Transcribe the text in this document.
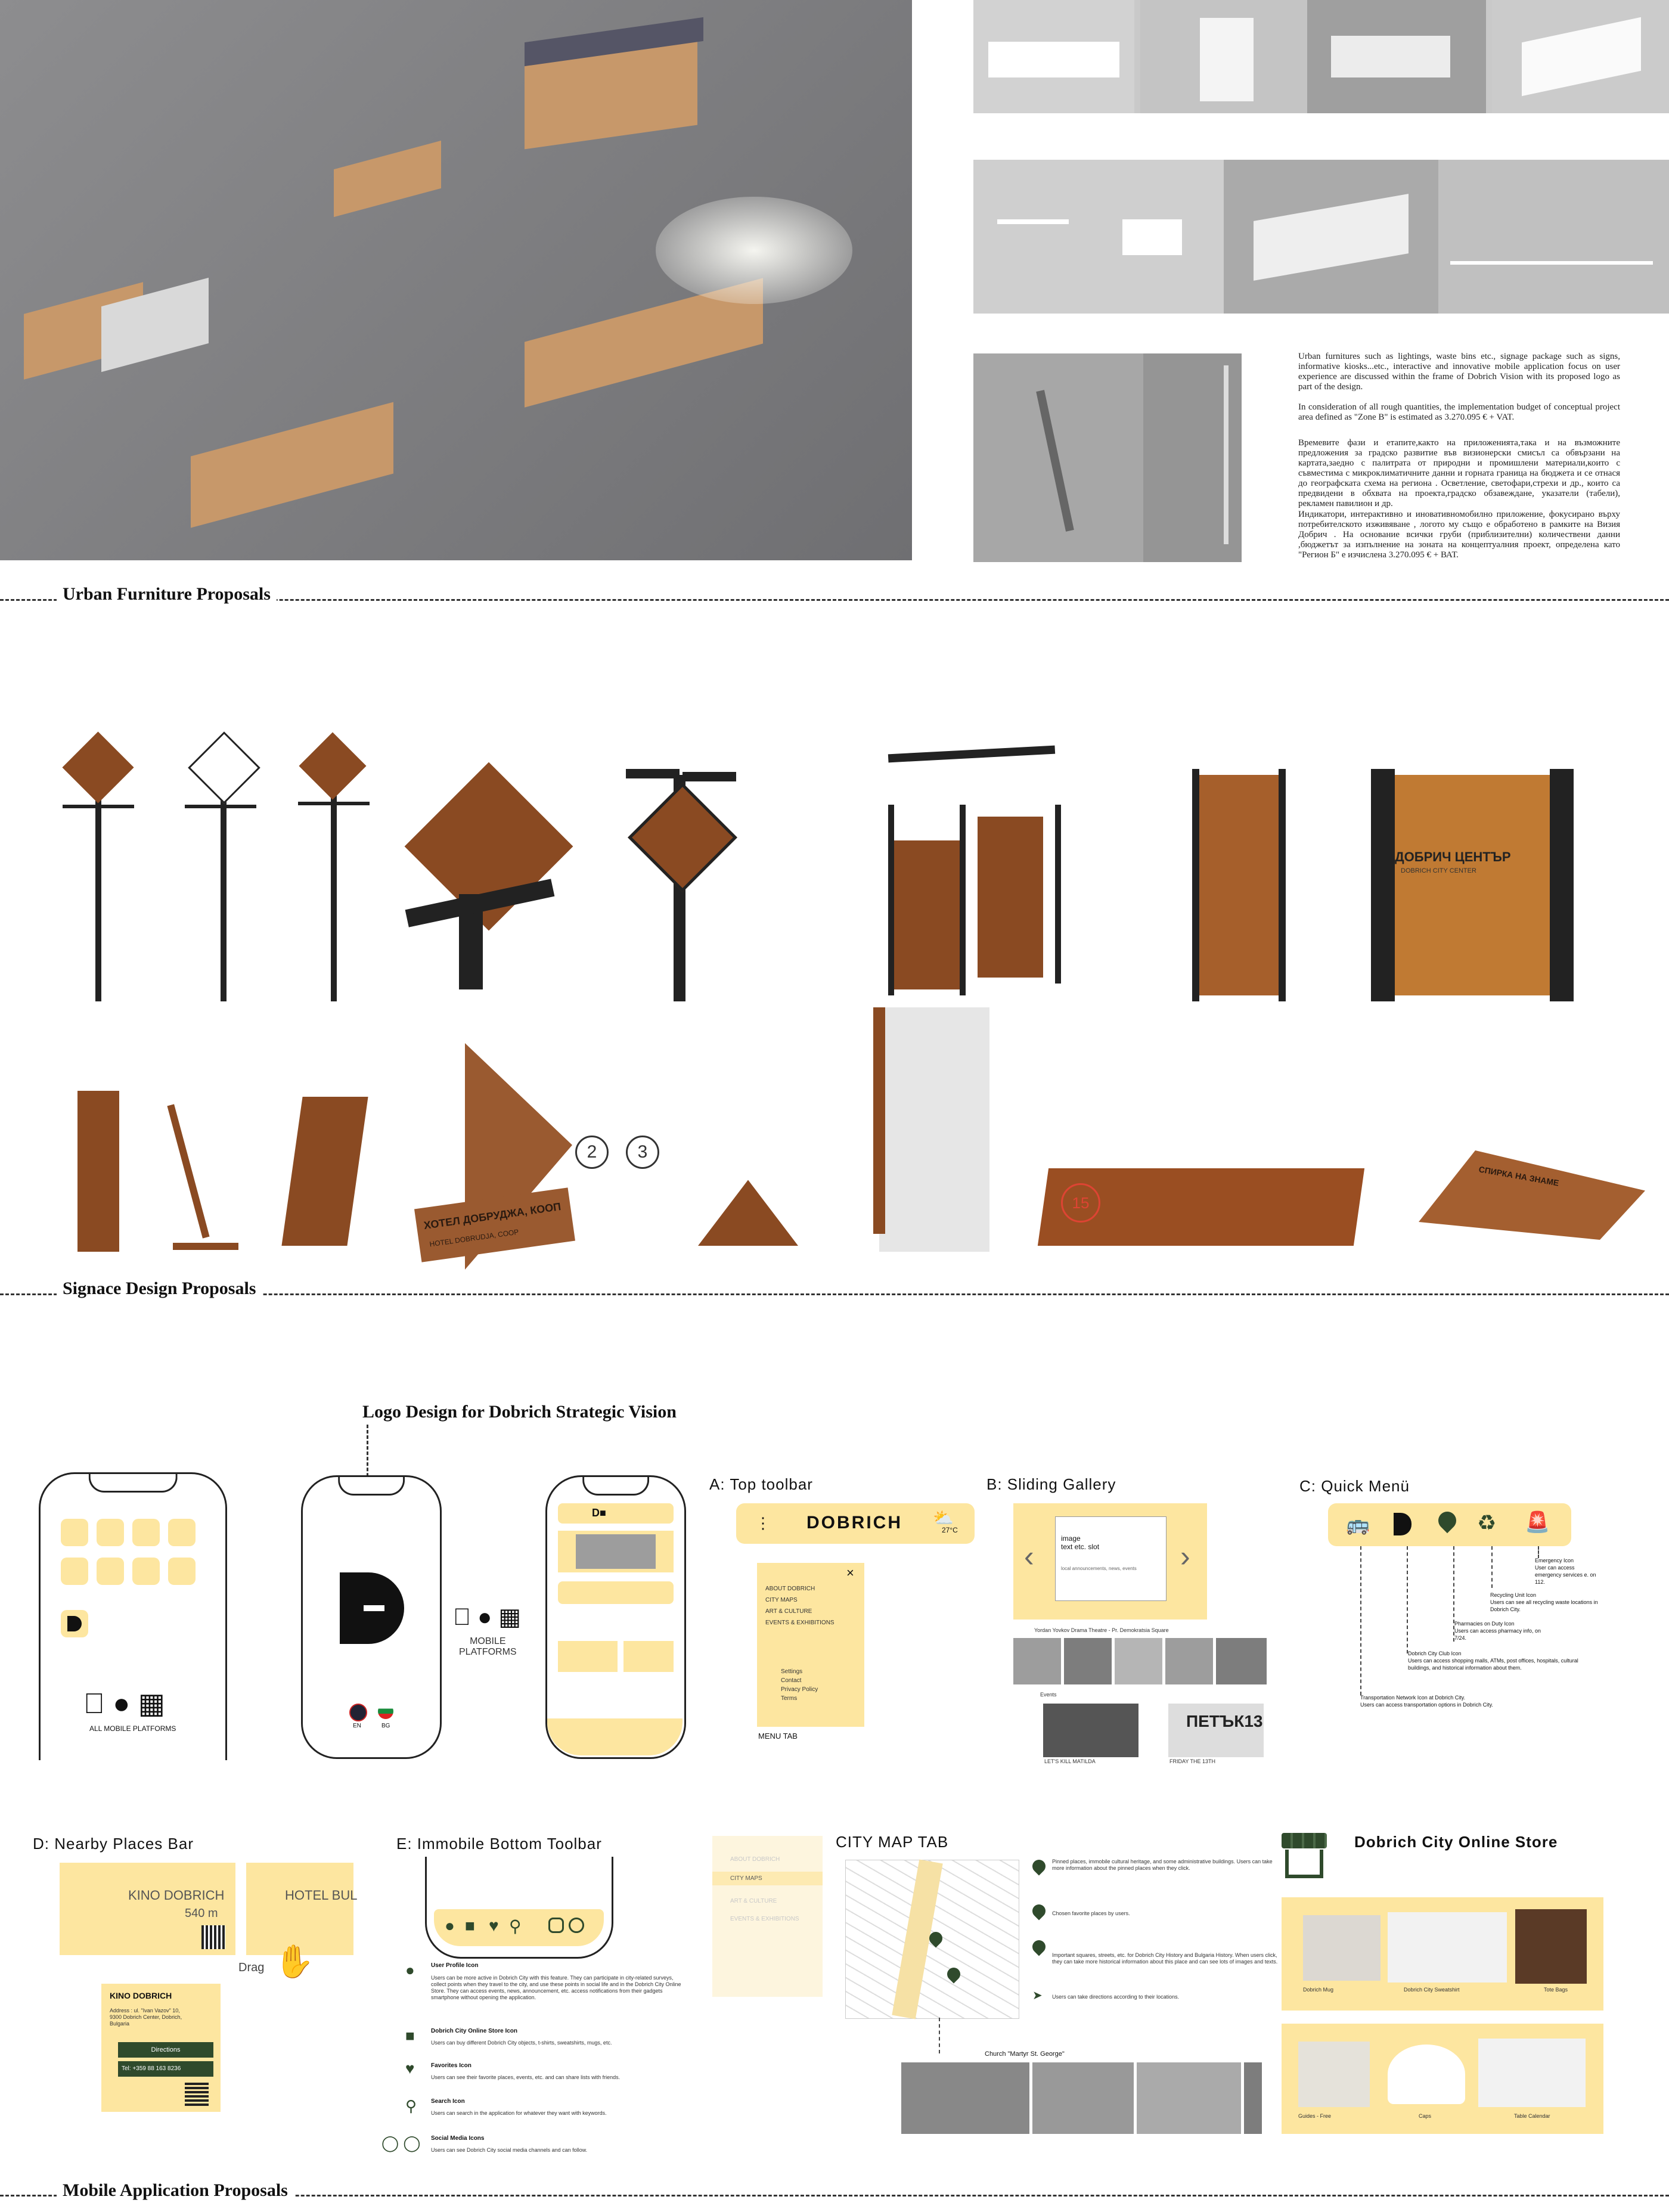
Urban furnitures such as lightings, waste bins etc., signage package such as signs, informative kiosks...etc., interactive and innovative mobile application focus on user experience are discussed within the frame of Dobrich Vision with its proposed logo as part of the design.
In consideration of all rough quantities, the implementation budget of conceptual project area defined as "Zone B" is estimated as 3.270.095 € + VAT.
Времевите фази и етапите,както на приложенията,така и на възможните предложения за градско развитие във визионерски смисъл са обвързани на картата,заедно с палитрата от природни и промишлени материали,които с съвместима с микроклиматичните данни и горната граница на бюджета и се отнася до географската схема на региона . Осветление, светофари,стрехи и др., които са предвидени в обхвата на проекта,градско обзавеждане, указатели (табели), рекламен павилион и др.
Индикатори, интерактивно и иновативномобилно приложение, фокусирано върху потребителското изживяване , логото му също е обработено в рамките на Визия Добрич . На основание всички груби (приблизителни) количествени данни ,бюджетът за изпълнение на зоната на концептуалния проект, определена като "Регион Б" е изчислена 3.270.095 € + ВАТ.
Urban Furniture Proposals
ДОБРИЧ ЦЕНТЪР
DOBRICH CITY CENTER
2	3
ХОТЕЛ ДОБРУДЖА, КООП
HOTEL DOBRUDJA, COOP
15
СПИРКА НА ЗНАМЕ
Signace Design Proposals
Logo Design for Dobrich Strategic Vision
● ▦
ALL MOBILE PLATFORMS	EN	BG
● ▦
MOBILE
PLATFORMS
D■
A: Top toolbar
⋮ DOBRICH ⛅
27°C
×
ABOUT DOBRICH
CITY MAPS
ART & CULTURE
EVENTS & EXHIBITIONS
Settings
Contact
Privacy Policy
Terms
MENU TAB
B: Sliding Gallery
‹	›
image
text etc. slot
local announcements, news, events
Yordan Yovkov Drama Theatre - Pr. Demokratsia Square
Events
LET'S KILL MATILDA
ПЕТЪК13
FRIDAY THE 13TH
C: Quick Menü
🚌	♻ 🚨
Emergency Icon
User can access emergency services e. on 112.
Recycling Unit Icon
Users can see all recycling waste locations in Dobrich City.
Pharmacies on Duty Icon
Users can access pharmacy info, on 7/24.
Dobrich City Club Icon
Users can access shopping malls, ATMs, post offices, hospitals, cultural buildings, and historical information about them.
Transportation Network Icon at Dobrich City.
Users can access transportation options in Dobrich City.
D: Nearby Places Bar
KINO DOBRICH
540 m
HOTEL BUL
Drag ✋
KINO DOBRICH
Address : ul. "Ivan Vazov" 10, 9300 Dobrich Center, Dobrich, Bulgaria
Directions
Tel: +359 88 163 8236
E: Immobile Bottom Toolbar
● ■ ♥ ⚲
●	User Profile Icon
Users can be more active in Dobrich City with this feature. They can participate in city-related surveys, collect points when they travel to the city, and use these points in social life and in the Dobrich City Online Store. They can access events, news, announcement, etc. access notifications from their gadgets smartphone without opening the application.
■	Dobrich City Online Store Icon
Users can buy different Dobrich City objects, t-shirts, sweatshirts, mugs, etc.
♥	Favorites Icon
Users can see their favorite places, events, etc. and can share lists with friends.
⚲ Search Icon
Users can search in the application for whatever they want with keywords.
◯ ◯ Social Media Icons
Users can see Dobrich City social media channels and can follow.
ABOUT DOBRICH
CITY MAPS
ART & CULTURE
EVENTS & EXHIBITIONS
CITY MAP TAB
Pinned places, immobile cultural heritage, and some administrative buildings. Users can take more information about the pinned places when they click.
Chosen favorite places by users.
Important squares, streets, etc. for Dobrich City History and Bulgaria History. When users click, they can take more historical information about this place and can see lots of images and texts.
➤ Users can take directions according to their locations.
Church "Martyr St. George"
Dobrich City Online Store
Dobrich Mug	Dobrich City Sweatshirt	Tote Bags
Guides - Free	Caps	Table Calendar
Mobile Application Proposals
